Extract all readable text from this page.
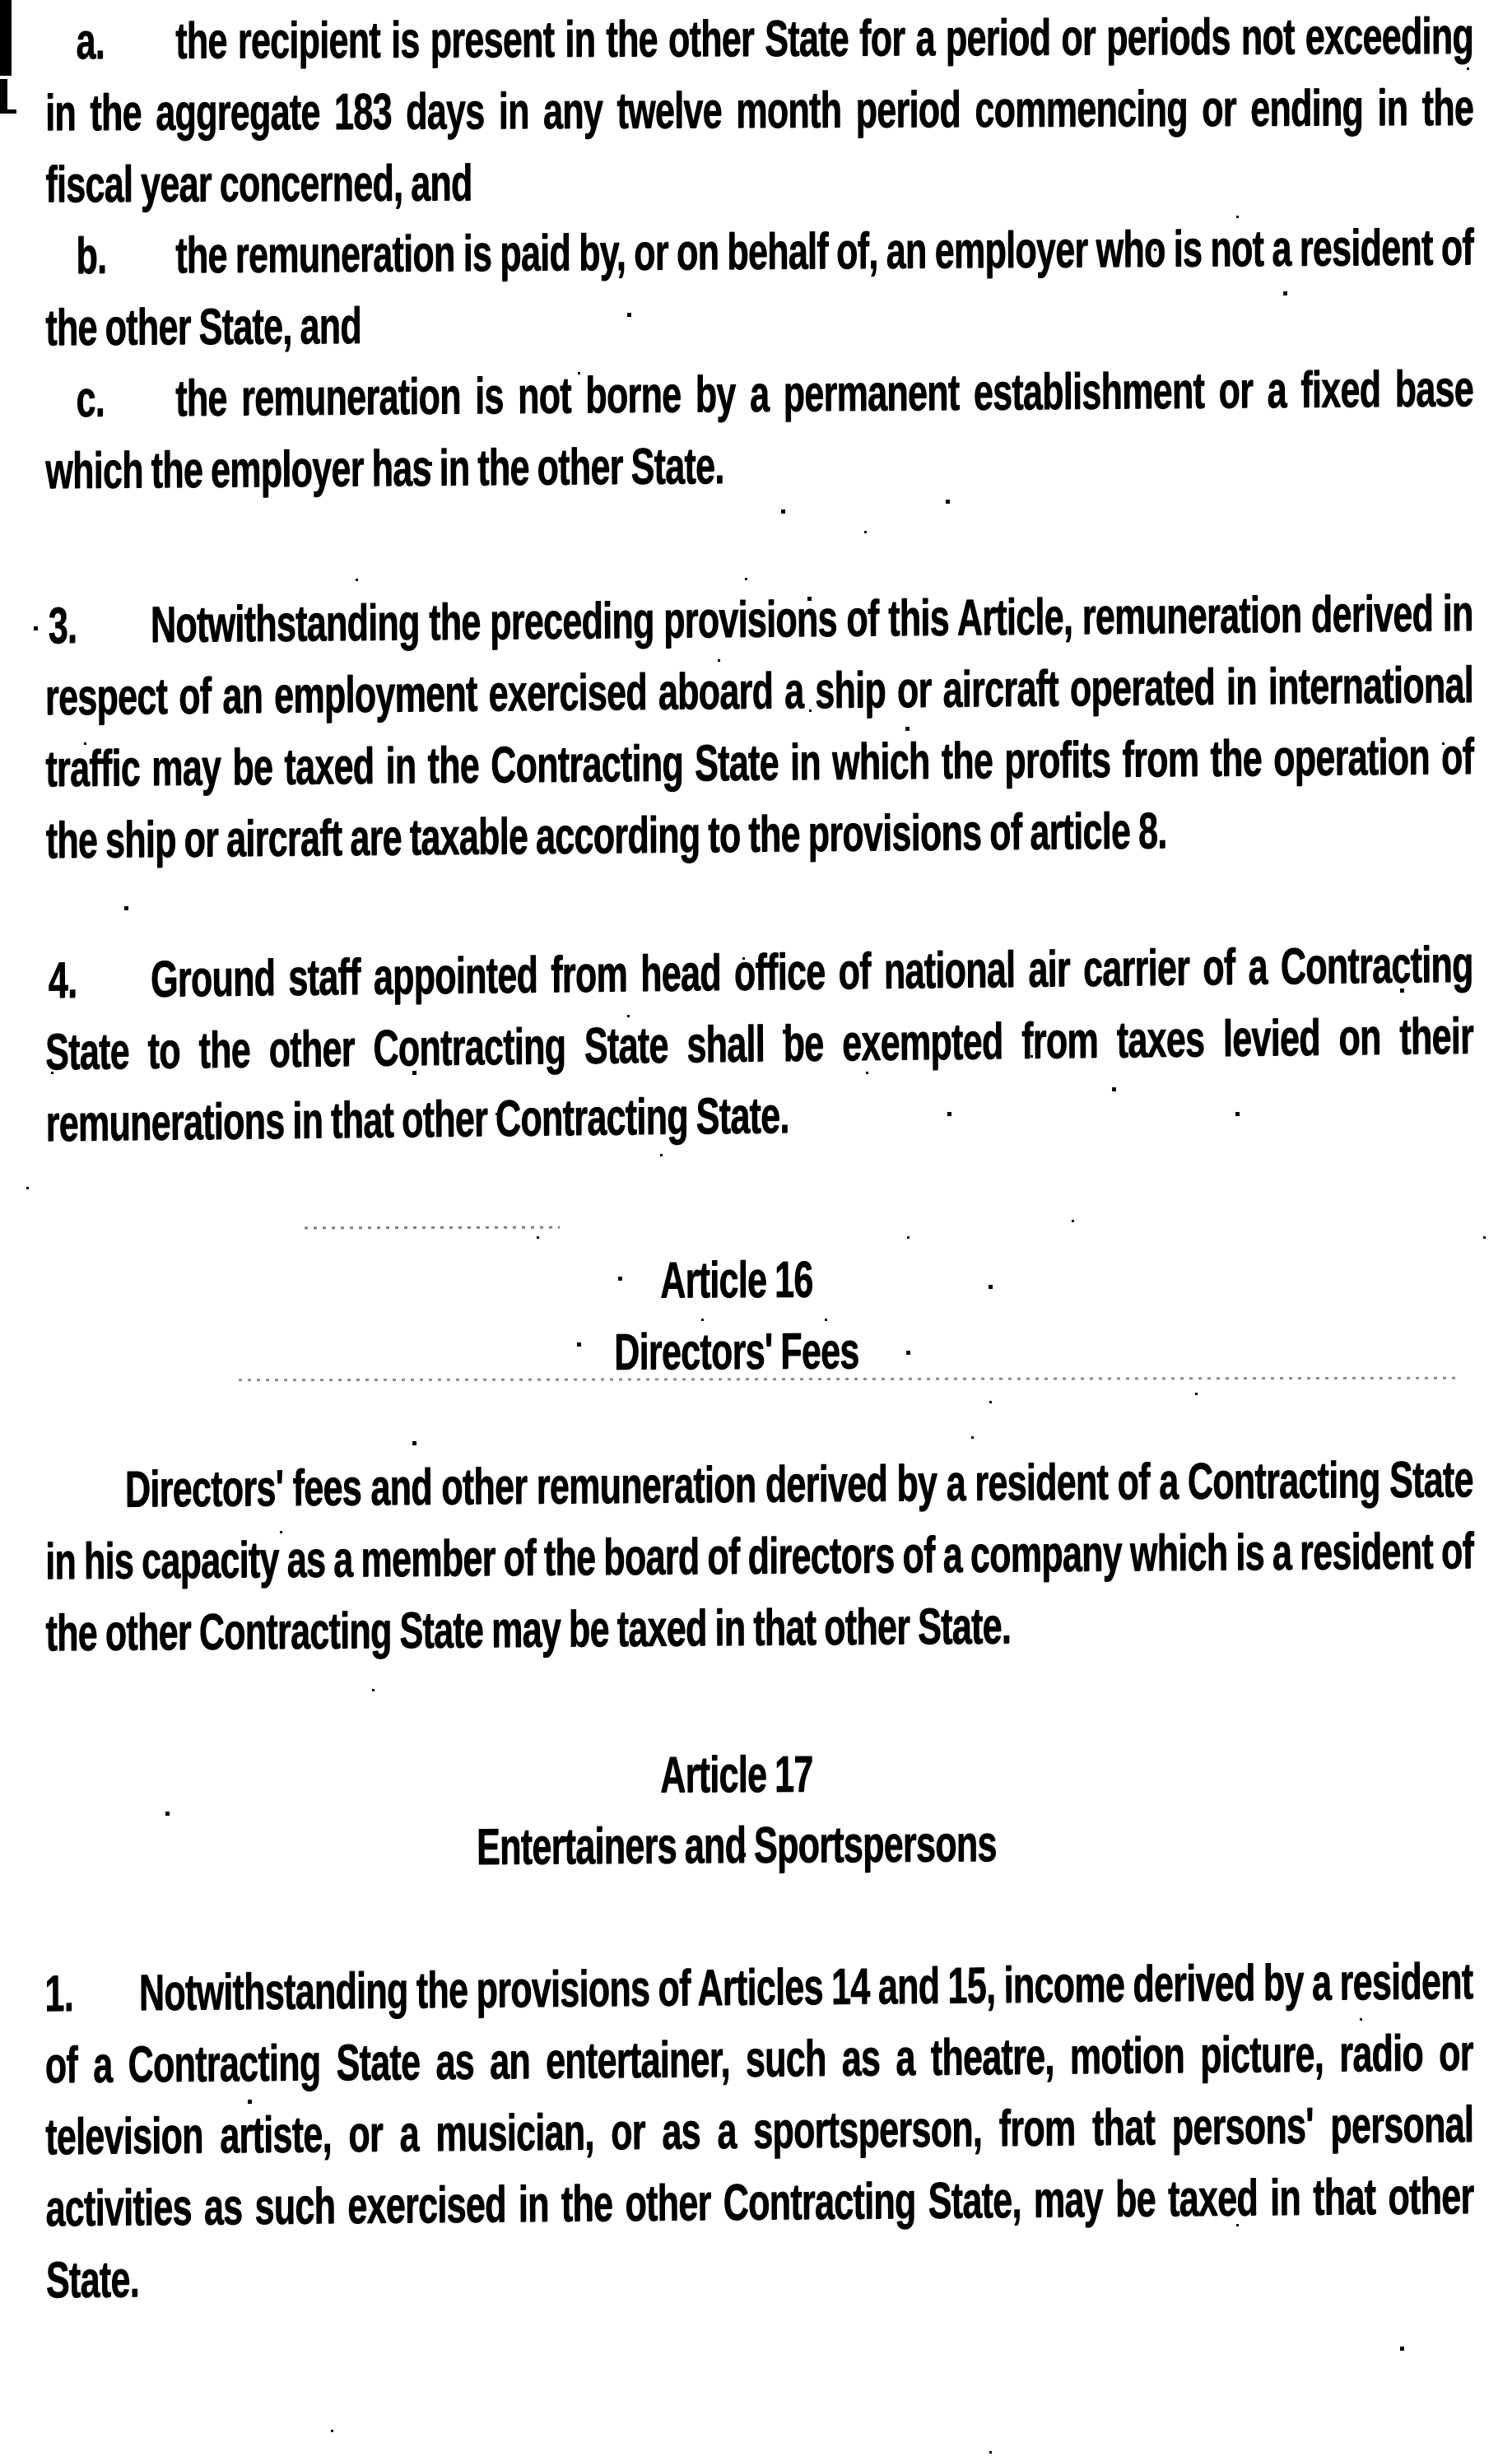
a. the recipient is present in the other State for a period or periods not exceeding in the aggregate 183 days in any twelve month period commencing or ending in the fiscal year concerned, and

b. the remuneration is paid by, or on behalf of, an employer who is not a resident of the other State, and

c. the remuneration is not borne by a permanent establishment or a fixed base which the employer has in the other State.

3. Notwithstanding the preceding provisions of this Article, remuneration derived in respect of an employment exercised aboard a ship or aircraft operated in international traffic may be taxed in the Contracting State in which the profits from the operation of the ship or aircraft are taxable according to the provisions of article 8.

4. Ground staff appointed from head office of national air carrier of a Contracting State to the other Contracting State shall be exempted from taxes levied on their remunerations in that other Contracting State.

Article 16
Directors' Fees

Directors' fees and other remuneration derived by a resident of a Contracting State in his capacity as a member of the board of directors of a company which is a resident of the other Contracting State may be taxed in that other State.

Article 17
Entertainers and Sportspersons

1. Notwithstanding the provisions of Articles 14 and 15, income derived by a resident of a Contracting State as an entertainer, such as a theatre, motion picture, radio or television artiste, or a musician, or as a sportsperson, from that persons' personal activities as such exercised in the other Contracting State, may be taxed in that other State.
